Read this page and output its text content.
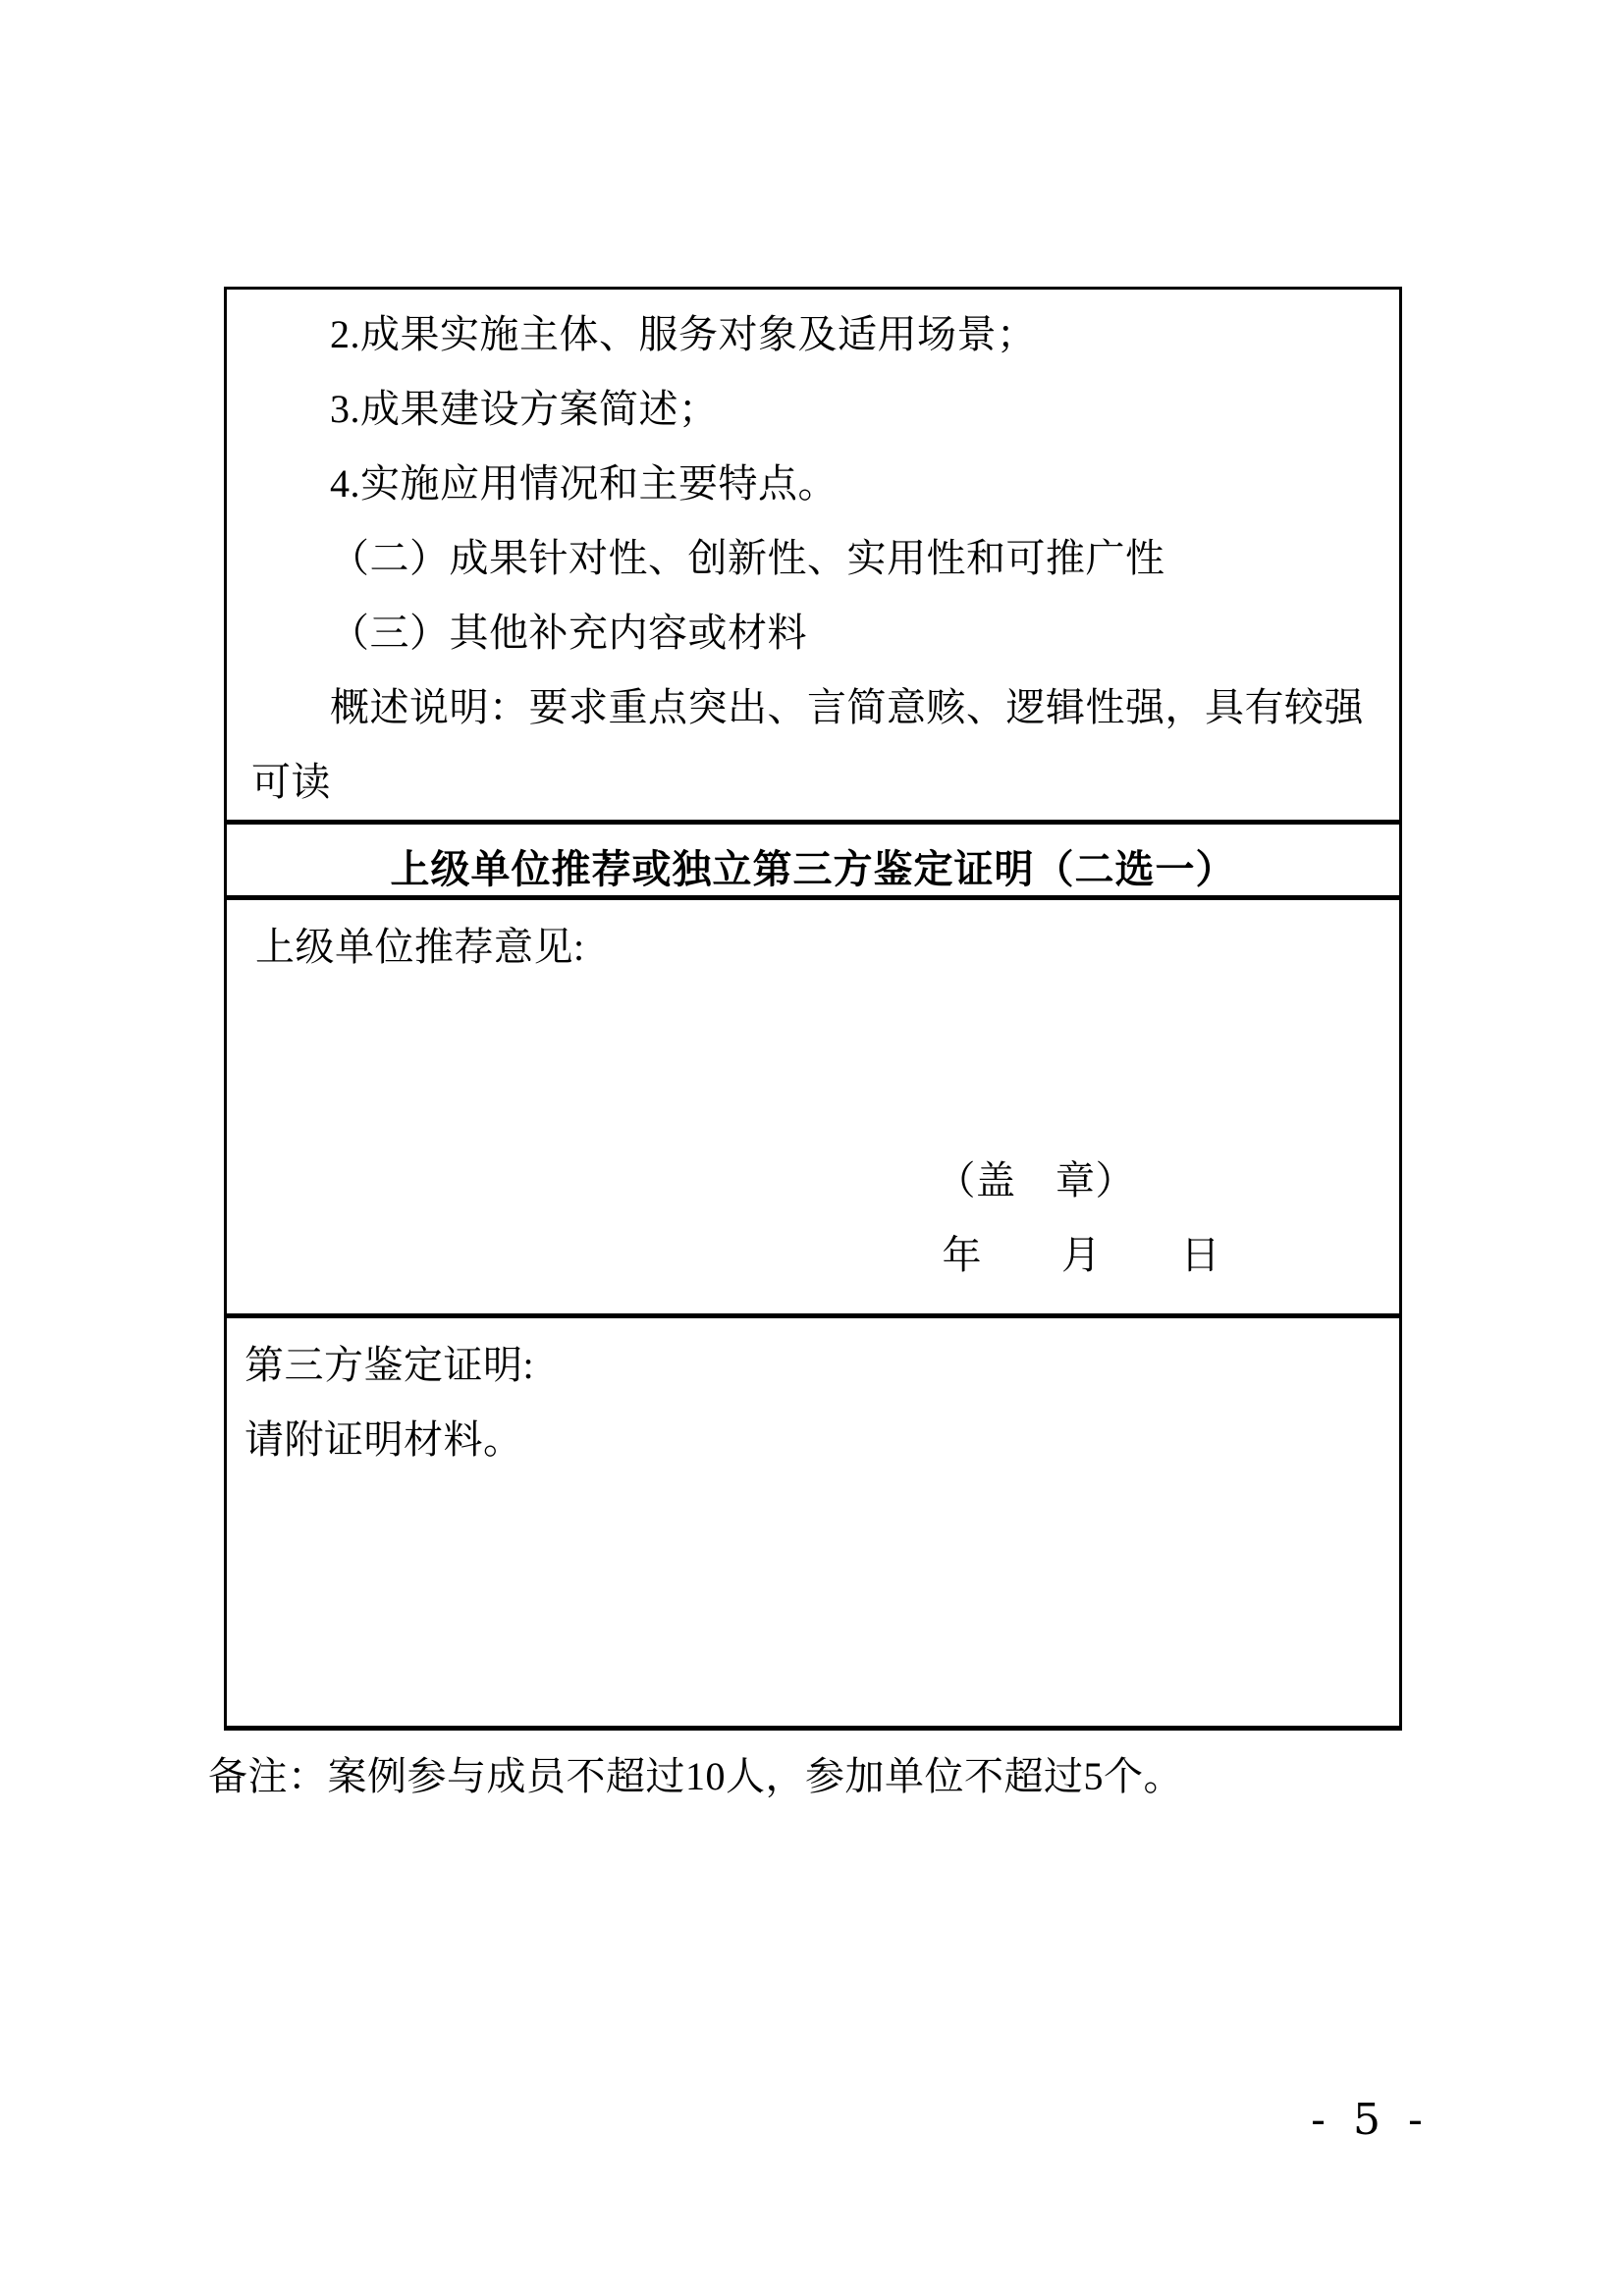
2.成果实施主体、服务对象及适用场景；

3.成果建设方案简述；

4.实施应用情况和主要特点。

（二）成果针对性、创新性、实用性和可推广性

（三）其他补充内容或材料

概述说明：要求重点突出、言简意赅、逻辑性强，具有较强可读

上级单位推荐或独立第三方鉴定证明（二选一）

上级单位推荐意见:

（盖　章）

年　　月　　日

第三方鉴定证明:

请附证明材料。

备注：案例参与成员不超过10人，参加单位不超过5个。

- 5 -
